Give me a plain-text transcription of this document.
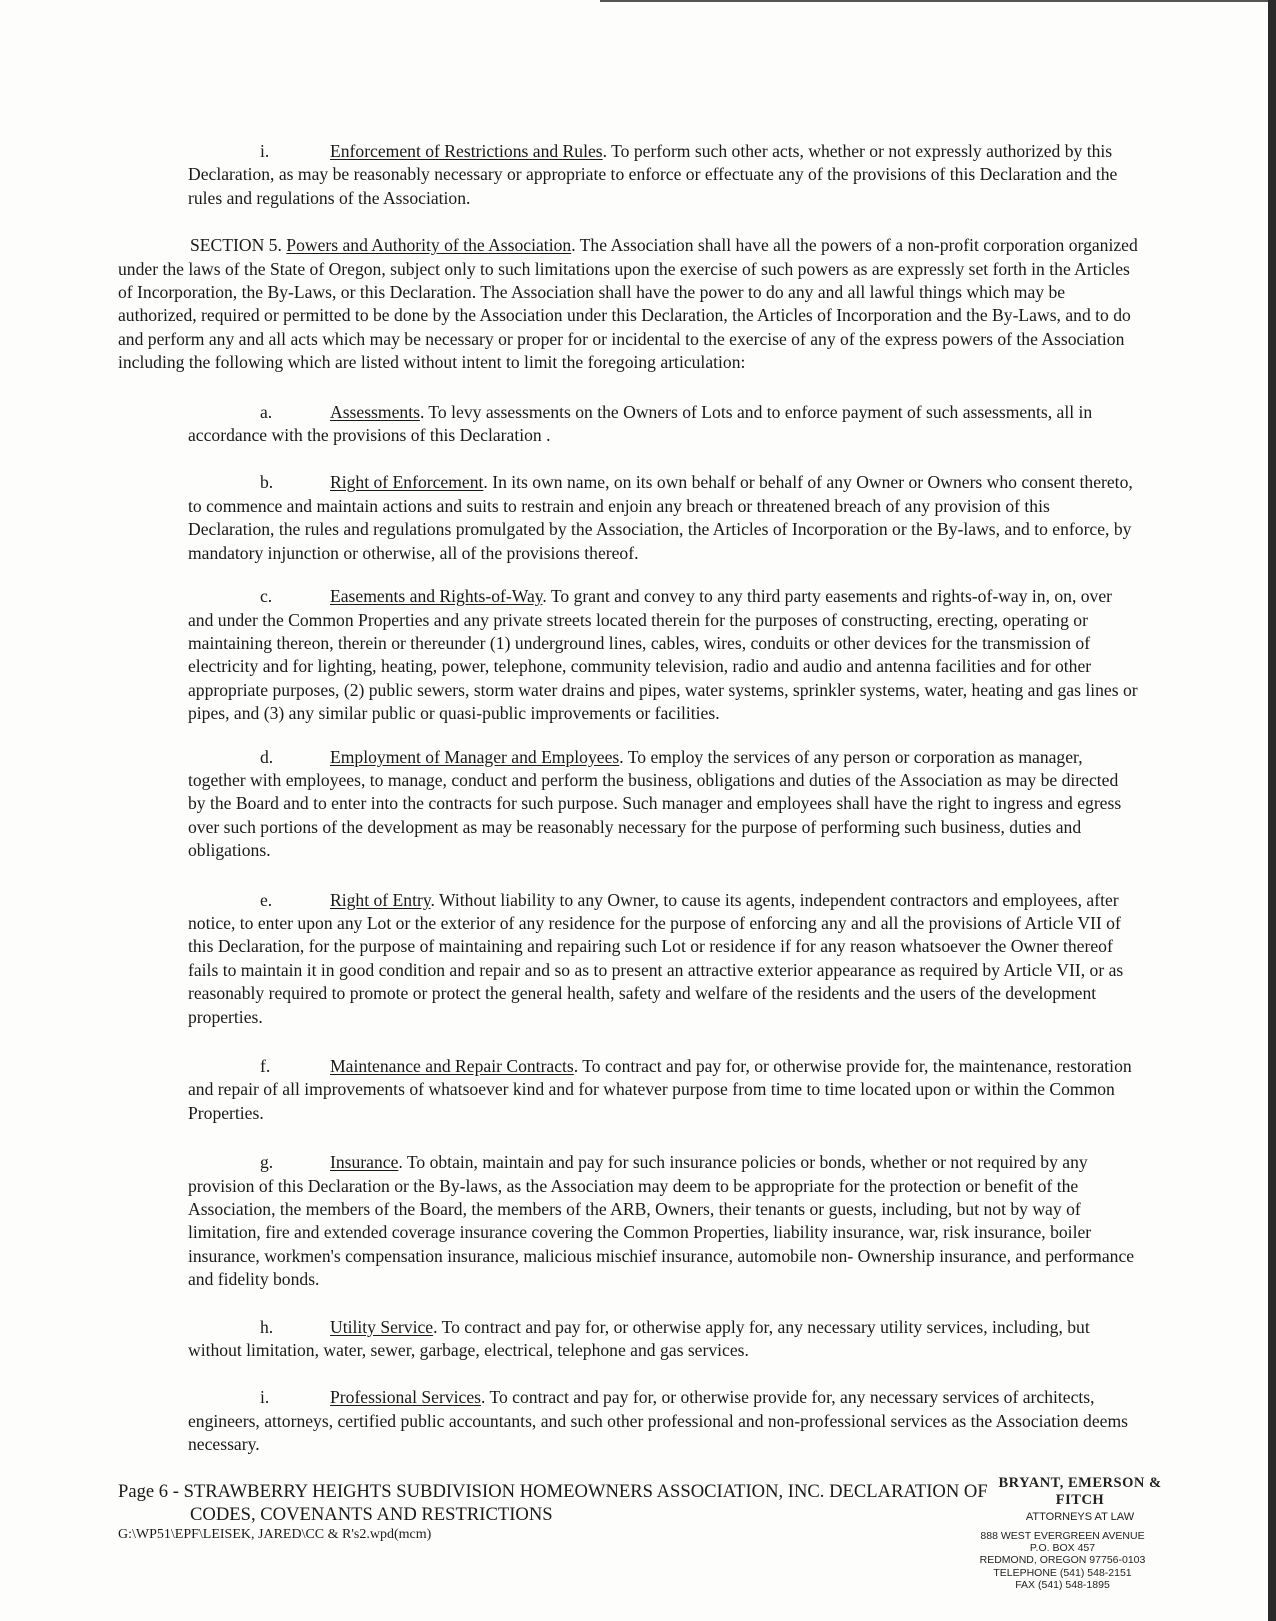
i.	Enforcement of Restrictions and Rules. To perform such other acts, whether or not expressly authorized by this Declaration, as may be reasonably necessary or appropriate to enforce or effectuate any of the provisions of this Declaration and the rules and regulations of the Association.

SECTION 5. Powers and Authority of the Association. The Association shall have all the powers of a non-profit corporation organized under the laws of the State of Oregon, subject only to such limitations upon the exercise of such powers as are expressly set forth in the Articles of Incorporation, the By-Laws, or this Declaration. The Association shall have the power to do any and all lawful things which may be authorized, required or permitted to be done by the Association under this Declaration, the Articles of Incorporation and the By-Laws, and to do and perform any and all acts which may be necessary or proper for or incidental to the exercise of any of the express powers of the Association including the following which are listed without intent to limit the foregoing articulation:

a.	Assessments. To levy assessments on the Owners of Lots and to enforce payment of such assessments, all in accordance with the provisions of this Declaration .

b.	Right of Enforcement. In its own name, on its own behalf or behalf of any Owner or Owners who consent thereto, to commence and maintain actions and suits to restrain and enjoin any breach or threatened breach of any provision of this Declaration, the rules and regulations promulgated by the Association, the Articles of Incorporation or the By-laws, and to enforce, by mandatory injunction or otherwise, all of the provisions thereof.

c.	Easements and Rights-of-Way. To grant and convey to any third party easements and rights-of-way in, on, over and under the Common Properties and any private streets located therein for the purposes of constructing, erecting, operating or maintaining thereon, therein or thereunder (1) underground lines, cables, wires, conduits or other devices for the transmission of electricity and for lighting, heating, power, telephone, community television, radio and audio and antenna facilities and for other appropriate purposes, (2) public sewers, storm water drains and pipes, water systems, sprinkler systems, water, heating and gas lines or pipes, and (3) any similar public or quasi-public improvements or facilities.

d.	Employment of Manager and Employees. To employ the services of any person or corporation as manager, together with employees, to manage, conduct and perform the business, obligations and duties of the Association as may be directed by the Board and to enter into the contracts for such purpose. Such manager and employees shall have the right to ingress and egress over such portions of the development as may be reasonably necessary for the purpose of performing such business, duties and obligations.

e.	Right of Entry. Without liability to any Owner, to cause its agents, independent contractors and employees, after notice, to enter upon any Lot or the exterior of any residence for the purpose of enforcing any and all the provisions of Article VII of this Declaration, for the purpose of maintaining and repairing such Lot or residence if for any reason whatsoever the Owner thereof fails to maintain it in good condition and repair and so as to present an attractive exterior appearance as required by Article VII, or as reasonably required to promote or protect the general health, safety and welfare of the residents and the users of the development properties.

f.	Maintenance and Repair Contracts. To contract and pay for, or otherwise provide for, the maintenance, restoration and repair of all improvements of whatsoever kind and for whatever purpose from time to time located upon or within the Common Properties.

g.	Insurance. To obtain, maintain and pay for such insurance policies or bonds, whether or not required by any provision of this Declaration or the By-laws, as the Association may deem to be appropriate for the protection or benefit of the Association, the members of the Board, the members of the ARB, Owners, their tenants or guests, including, but not by way of limitation, fire and extended coverage insurance covering the Common Properties, liability insurance, war, risk insurance, boiler insurance, workmen's compensation insurance, malicious mischief insurance, automobile non- Ownership insurance, and performance and fidelity bonds.

h.	Utility Service. To contract and pay for, or otherwise apply for, any necessary utility services, including, but without limitation, water, sewer, garbage, electrical, telephone and gas services.

i.	Professional Services. To contract and pay for, or otherwise provide for, any necessary services of architects, engineers, attorneys, certified public accountants, and such other professional and non-professional services as the Association deems necessary.

Page 6 - STRAWBERRY HEIGHTS SUBDIVISION HOMEOWNERS ASSOCIATION, INC. DECLARATION OF
CODES, COVENANTS AND RESTRICTIONS
G:\WP51\EPF\LEISEK, JARED\CC & R's2.wpd(mcm)
BRYANT, EMERSON & FITCH
ATTORNEYS AT LAW
888 WEST EVERGREEN AVENUE
P.O. BOX 457
REDMOND, OREGON 97756-0103
TELEPHONE (541) 548-2151
FAX (541) 548-1895
